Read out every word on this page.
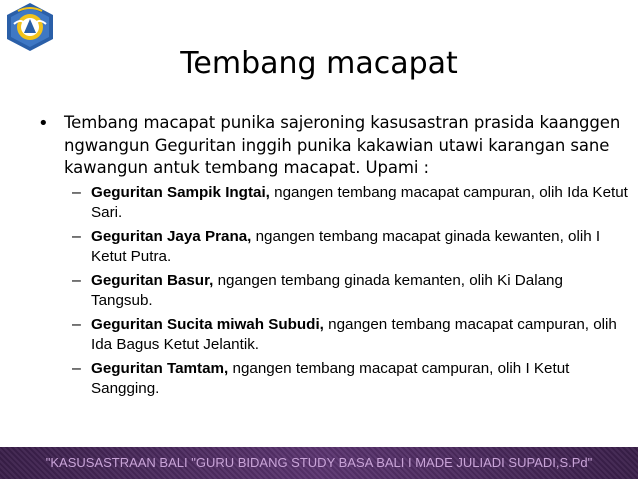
Tembang macapat
• Tembang macapat punika sajeroning kasusastran prasida kaanggen ngwangun Geguritan inggih punika kakawian utawi karangan sane kawangun antuk tembang macapat. Upami :
– Geguritan Sampik Ingtai, ngangen tembang macapat campuran, olih Ida Ketut Sari.
– Geguritan Jaya Prana, ngangen tembang macapat ginada kewanten, olih I Ketut Putra.
– Geguritan Basur, ngangen tembang ginada kemanten, olih Ki Dalang Tangsub.
– Geguritan Sucita miwah Subudi, ngangen tembang macapat campuran, olih Ida Bagus Ketut Jelantik.
– Geguritan Tamtam, ngangen tembang macapat campuran, olih I Ketut Sangging.
"KASUSASTRAAN BALI "GURU BIDANG STUDY BASA BALI I MADE JULIADI SUPADI,S.Pd"
